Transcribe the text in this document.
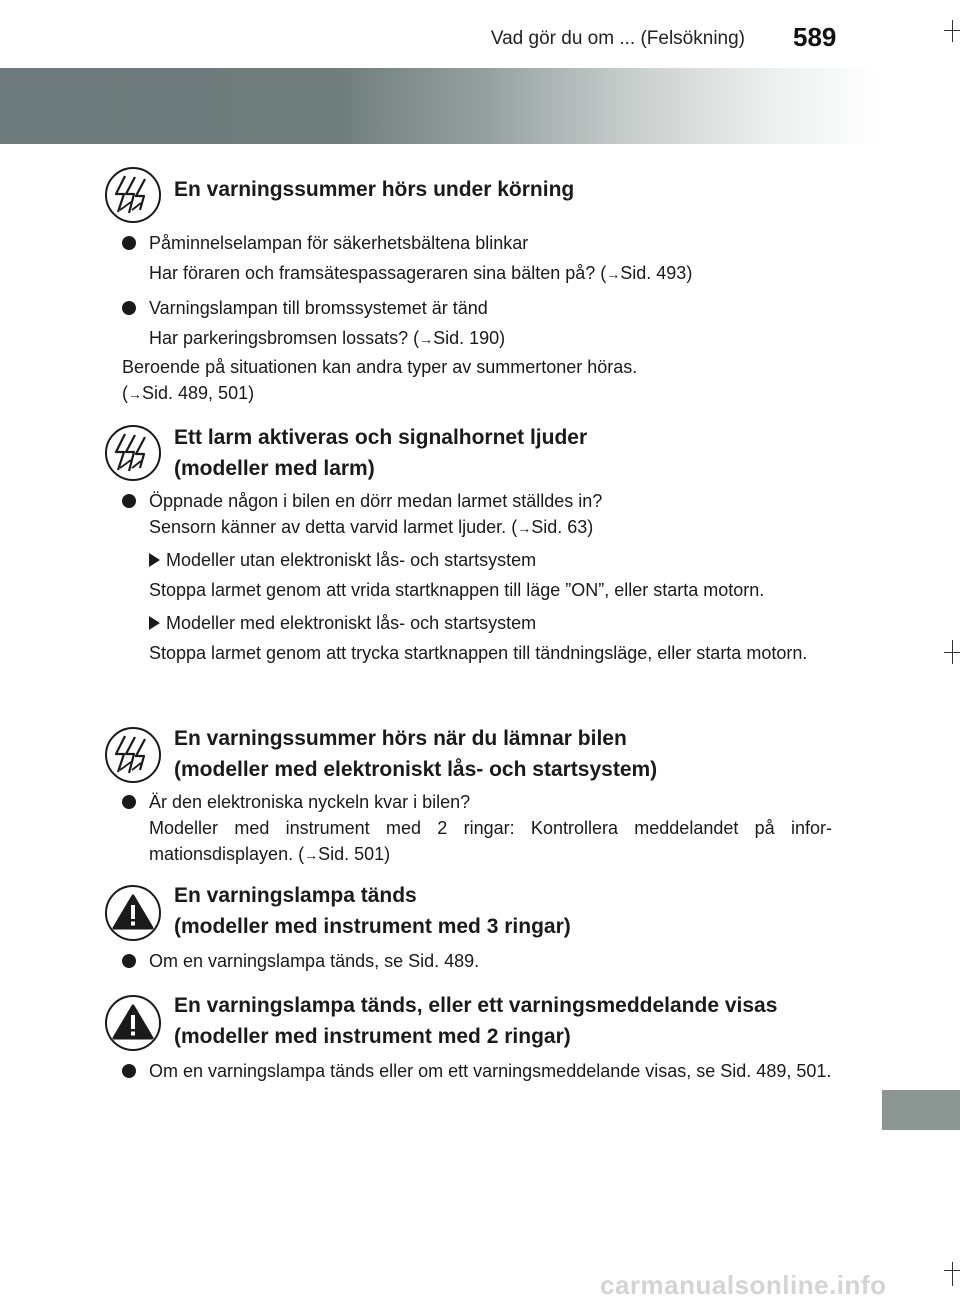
Vad gör du om ... (Felsökning) 589
En varningssummer hörs under körning
Påminnelselampan för säkerhetsbältena blinkar
Har föraren och framsätespassageraren sina bälten på? (→Sid. 493)
Varningslampan till bromssystemet är tänd
Har parkeringsbromsen lossats? (→Sid. 190)
Beroende på situationen kan andra typer av summertoner höras.
(→Sid. 489, 501)
Ett larm aktiveras och signalhornet ljuder
(modeller med larm)
Öppnade någon i bilen en dörr medan larmet ställdes in?
Sensorn känner av detta varvid larmet ljuder. (→Sid. 63)
Modeller utan elektroniskt lås- och startsystem
Stoppa larmet genom att vrida startknappen till läge ”ON”, eller starta motorn.
Modeller med elektroniskt lås- och startsystem
Stoppa larmet genom att trycka startknappen till tändningsläge, eller starta motorn.
En varningssummer hörs när du lämnar bilen
(modeller med elektroniskt lås- och startsystem)
Är den elektroniska nyckeln kvar i bilen?
Modeller med instrument med 2 ringar: Kontrollera meddelandet på infor-mationsdisplayen. (→Sid. 501)
En varningslampa tänds
(modeller med instrument med 3 ringar)
Om en varningslampa tänds, se Sid. 489.
En varningslampa tänds, eller ett varningsmeddelande visas
(modeller med instrument med 2 ringar)
Om en varningslampa tänds eller om ett varningsmeddelande visas, se Sid. 489, 501.
carmanualsonline.info
